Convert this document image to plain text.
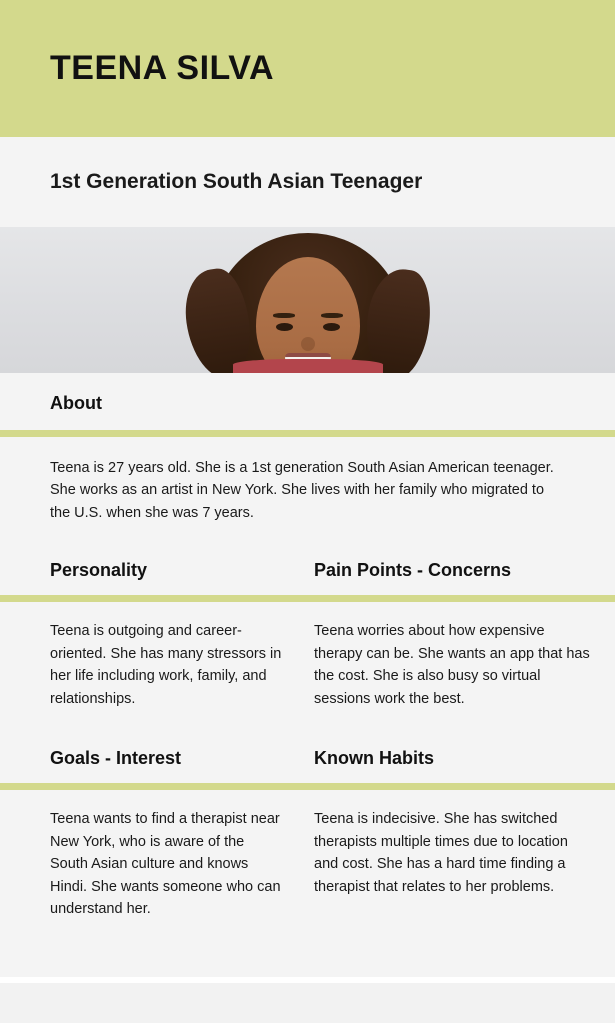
TEENA SILVA
1st Generation South Asian Teenager
About

Teena is 27 years old. She is a 1st generation South Asian American teenager. She works as an artist in New York. She lives with her family who migrated to the U.S. when she was 7 years.

Personality	Pain Points - Concerns

Teena is outgoing and career-oriented. She has many stressors in her life including work, family, and relationships.

Teena worries about how expensive therapy can be. She wants an app that has the cost. She is also busy so virtual sessions work the best.

Goals - Interest	Known Habits

Teena wants to find a therapist near New York, who is aware of the South Asian culture and knows Hindi. She wants someone who can understand her.

Teena is indecisive. She has switched therapists multiple times due to location and cost. She has a hard time finding a therapist that relates to her problems.
